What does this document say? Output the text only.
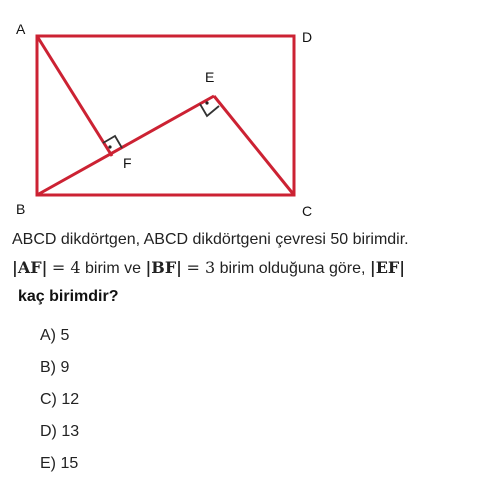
A	D
E
F
B	C
ABCD dikdörtgen, ABCD dikdörtgeni çevresi 50 birimdir.
|AF| = 4 birim ve |BF| = 3 birim olduğuna göre, |EF|
kaç birimdir?
A) 5
B) 9
C) 12
D) 13
E) 15
